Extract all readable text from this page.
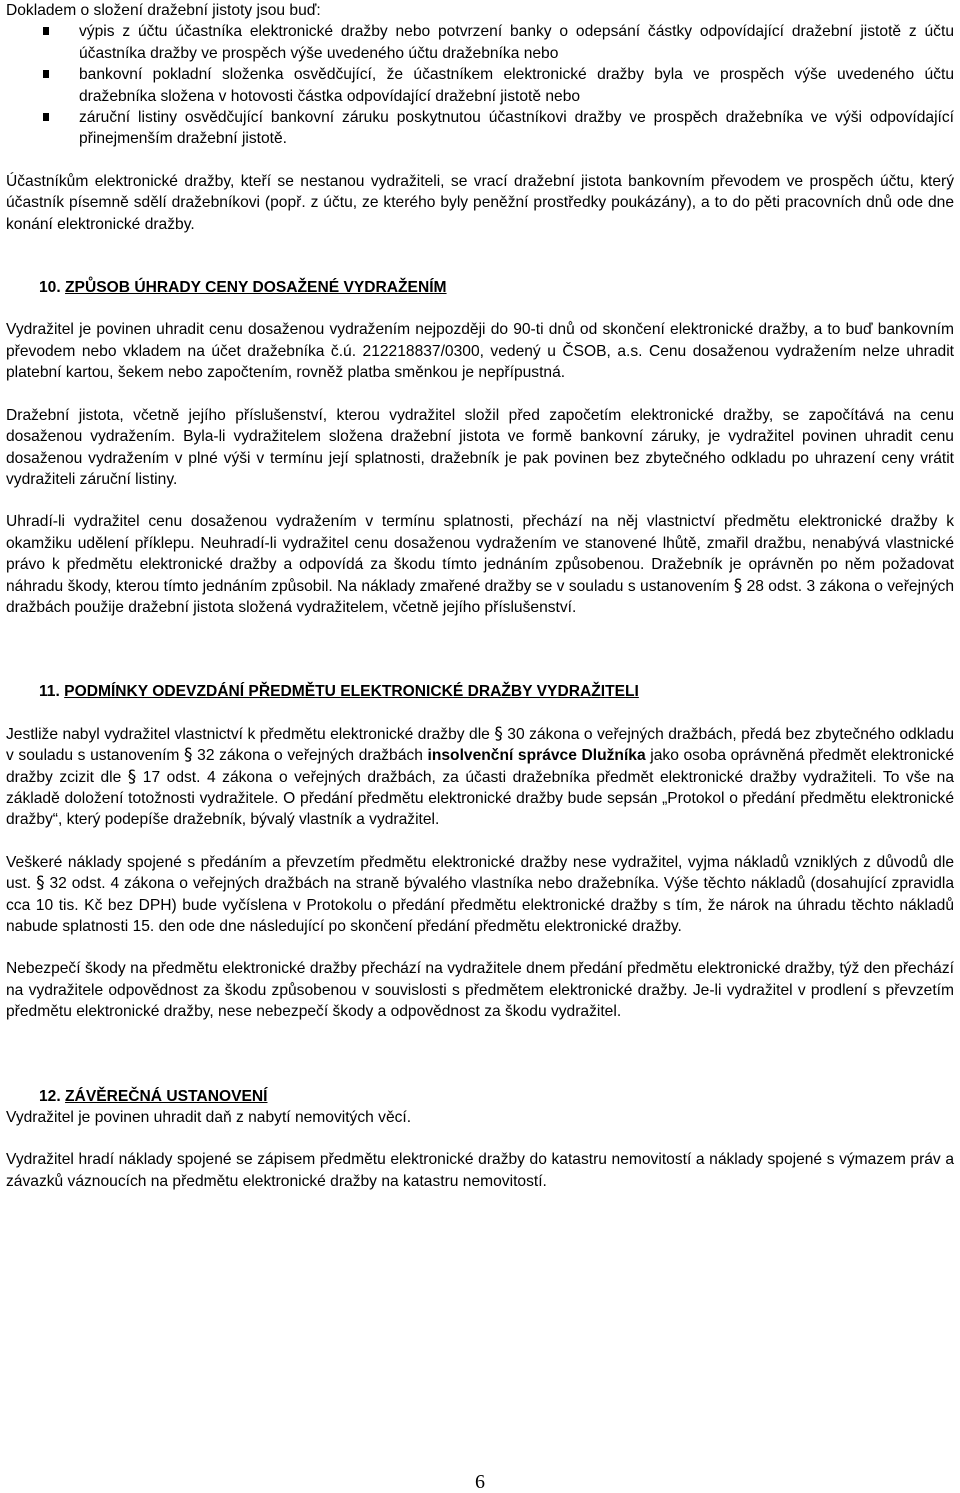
Dokladem o složení dražební jistoty jsou buď:

výpis z účtu účastníka elektronické dražby nebo potvrzení banky o odepsání částky odpovídající dražební jistotě z účtu účastníka dražby ve prospěch výše uvedeného účtu dražebníka nebo
bankovní pokladní složenka osvědčující, že účastníkem elektronické dražby byla ve prospěch výše uvedeného účtu dražebníka složena v hotovosti částka odpovídající dražební jistotě nebo
záruční listiny osvědčující bankovní záruku poskytnutou účastníkovi dražby ve prospěch dražebníka ve výši odpovídající přinejmenším dražební jistotě.

Účastníkům elektronické dražby, kteří se nestanou vydražiteli, se vrací dražební jistota bankovním převodem ve prospěch účtu, který účastník písemně sdělí dražebníkovi (popř. z účtu, ze kterého byly peněžní prostředky poukázány), a to do pěti pracovních dnů ode dne konání elektronické dražby.

10. ZPŮSOB ÚHRADY CENY DOSAŽENÉ VYDRAŽENÍM

Vydražitel je povinen uhradit cenu dosaženou vydražením nejpozději do 90-ti dnů od skončení elektronické dražby, a to buď bankovním převodem nebo vkladem na účet dražebníka č.ú. 212218837/0300, vedený u ČSOB, a.s. Cenu dosaženou vydražením nelze uhradit platební kartou, šekem nebo započtením, rovněž platba směnkou je nepřípustná.

Dražební jistota, včetně jejího příslušenství, kterou vydražitel složil před započetím elektronické dražby, se započítává na cenu dosaženou vydražením. Byla-li vydražitelem složena dražební jistota ve formě bankovní záruky, je vydražitel povinen uhradit cenu dosaženou vydražením v plné výši v termínu její splatnosti, dražebník je pak povinen bez zbytečného odkladu po uhrazení ceny vrátit vydražiteli záruční listiny.

Uhradí-li vydražitel cenu dosaženou vydražením v termínu splatnosti, přechází na něj vlastnictví předmětu elektronické dražby k okamžiku udělení příklepu. Neuhradí-li vydražitel cenu dosaženou vydražením ve stanovené lhůtě, zmařil dražbu, nenabývá vlastnické právo k předmětu elektronické dražby a odpovídá za škodu tímto jednáním způsobenou. Dražebník je oprávněn po něm požadovat náhradu škody, kterou tímto jednáním způsobil. Na náklady zmařené dražby se v souladu s ustanovením § 28 odst. 3 zákona o veřejných dražbách použije dražební jistota složená vydražitelem, včetně jejího příslušenství.

11. PODMÍNKY ODEVZDÁNÍ PŘEDMĚTU ELEKTRONICKÉ DRAŽBY VYDRAŽITELI

Jestliže nabyl vydražitel vlastnictví k předmětu elektronické dražby dle § 30 zákona o veřejných dražbách, předá bez zbytečného odkladu v souladu s ustanovením § 32 zákona o veřejných dražbách insolvenční správce Dlužníka jako osoba oprávněná předmět elektronické dražby zcizit dle § 17 odst. 4 zákona o veřejných dražbách, za účasti dražebníka předmět elektronické dražby vydražiteli. To vše na základě doložení totožnosti vydražitele. O předání předmětu elektronické dražby bude sepsán „Protokol o předání předmětu elektronické dražby“, který podepíše dražebník, bývalý vlastník a vydražitel.

Veškeré náklady spojené s předáním a převzetím předmětu elektronické dražby nese vydražitel, vyjma nákladů vzniklých z důvodů dle ust. § 32 odst. 4 zákona o veřejných dražbách na straně bývalého vlastníka nebo dražebníka. Výše těchto nákladů (dosahující zpravidla cca 10 tis. Kč bez DPH) bude vyčíslena v Protokolu o předání předmětu elektronické dražby s tím, že nárok na úhradu těchto nákladů nabude splatnosti 15. den ode dne následující po skončení předání předmětu elektronické dražby.

Nebezpečí škody na předmětu elektronické dražby přechází na vydražitele dnem předání předmětu elektronické dražby, týž den přechází na vydražitele odpovědnost za škodu způsobenou v souvislosti s předmětem elektronické dražby. Je-li vydražitel v prodlení s převzetím předmětu elektronické dražby, nese nebezpečí škody a odpovědnost za škodu vydražitel.

12. ZÁVĚREČNÁ USTANOVENÍ

Vydražitel je povinen uhradit daň z nabytí nemovitých věcí.

Vydražitel hradí náklady spojené se zápisem předmětu elektronické dražby do katastru nemovitostí a náklady spojené s výmazem práv a závazků váznoucích na předmětu elektronické dražby na katastru nemovitostí.

6
